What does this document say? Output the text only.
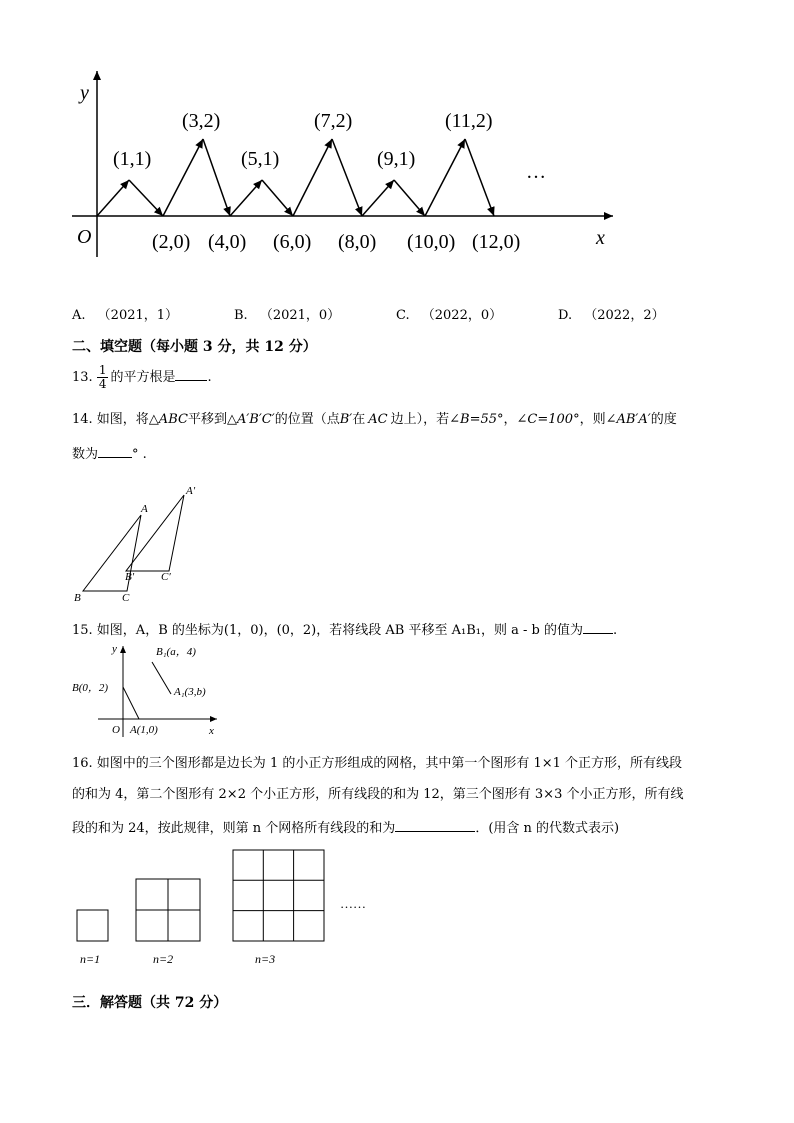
y
x
O
(1,1)
(3,2)
(5,1)
(7,2)
(9,1)
(11,2)
(2,0) (4,0) (6,0) (8,0) (10,0) (12,0)
…
A. （2021，1）	B. （2021，0）	C. （2022，0）	D. （2022，2）
二、填空题（每小题 3 分，共 12 分）
13. $\frac{1}{4}$ 的平方根是 .
14. 如图，将△ABC平移到△A′B′C′的位置（点B′在 AC 边上），若∠B=55°，∠C=100°，则∠AB′A′的度
数为	° .
A′
A
B′ C′
B	C
15. 如图，A，B 的坐标为(1，0)，(0，2)，若将线段 AB 平移至 A₁B₁，则 a - b 的值为 .
y
x
O
B(0，2)
A(1,0)
B₁(a，4)
A₁(3,b)
16. 如图中的三个图形都是边长为 1 的小正方形组成的网格，其中第一个图形有 1×1 个正方形，所有线段
的和为 4，第二个图形有 2×2 个小正方形，所有线段的和为 12，第三个图形有 3×3 个小正方形，所有线
段的和为 24，按此规律，则第 n 个网格所有线段的和为	．(用含 n 的代数式表示)
……
n=1	n=2	n=3
三．解答题（共 72 分）
